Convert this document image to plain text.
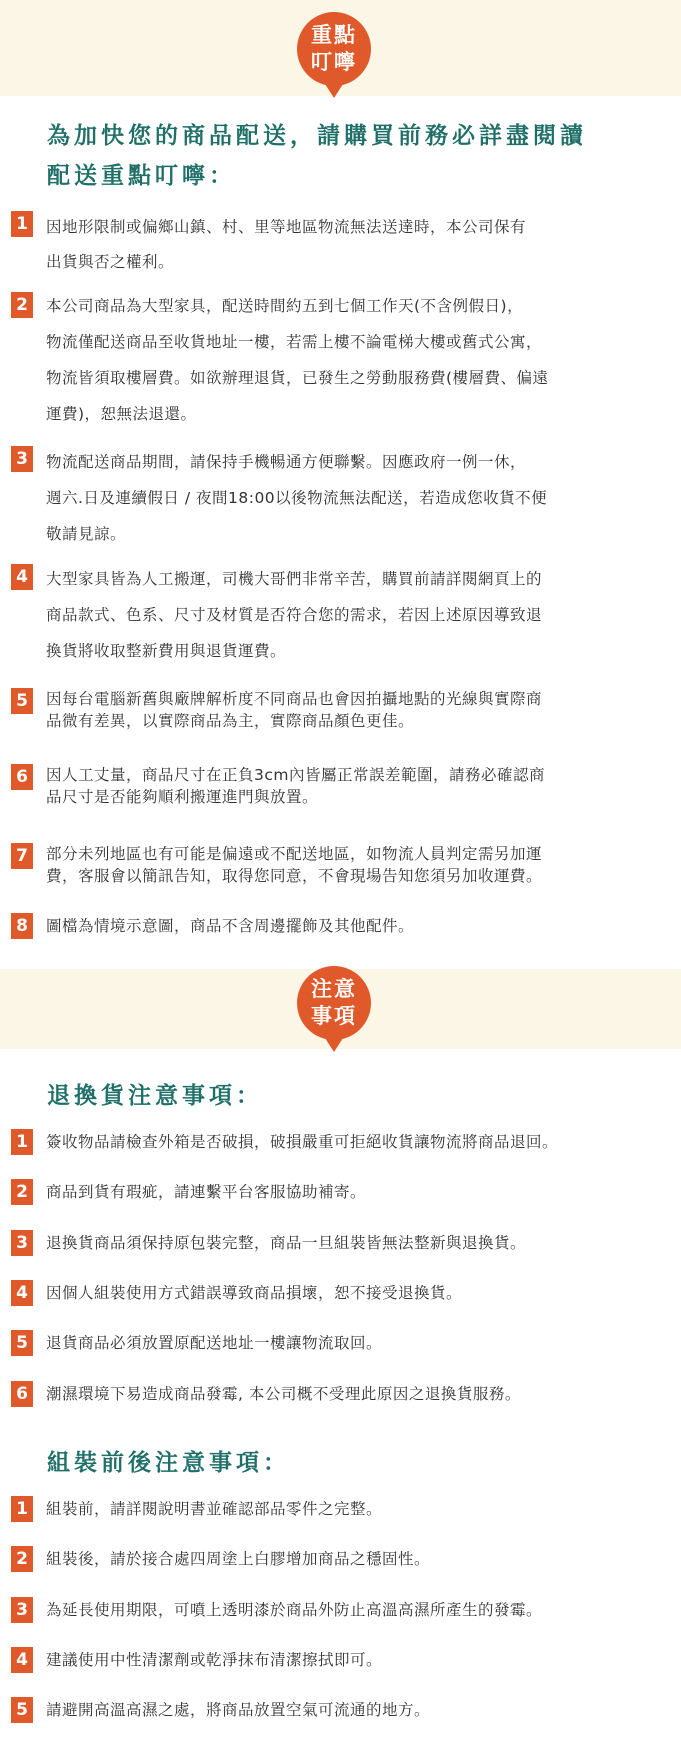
重點
叮嚀
為加快您的商品配送，請購買前務必詳盡閱讀
配送重點叮嚀：
1	因地形限制或偏鄉山鎮、村、里等地區物流無法送達時，本公司保有
出貨與否之權利。
2	本公司商品為大型家具，配送時間約五到七個工作天(不含例假日)，
物流僅配送商品至收貨地址一樓，若需上樓不論電梯大樓或舊式公寓，
物流皆須取樓層費。如欲辦理退貨，已發生之勞動服務費(樓層費、偏遠
運費)，恕無法退還。
3	物流配送商品期間，請保持手機暢通方便聯繫。因應政府一例一休，
週六.日及連續假日 / 夜間18:00以後物流無法配送，若造成您收貨不便
敬請見諒。
4	大型家具皆為人工搬運，司機大哥們非常辛苦，購買前請詳閱網頁上的
商品款式、色系、尺寸及材質是否符合您的需求，若因上述原因導致退
換貨將收取整新費用與退貨運費。
5	因每台電腦新舊與廠牌解析度不同商品也會因拍攝地點的光線與實際商
品微有差異，以實際商品為主，實際商品顏色更佳。
6	因人工丈量，商品尺寸在正負3cm內皆屬正常誤差範圍，請務必確認商
品尺寸是否能夠順利搬運進門與放置。
7	部分未列地區也有可能是偏遠或不配送地區，如物流人員判定需另加運
費，客服會以簡訊告知，取得您同意，不會現場告知您須另加收運費。
8	圖檔為情境示意圖，商品不含周邊擺飾及其他配件。
注意
事項
退換貨注意事項：
1	簽收物品請檢查外箱是否破損，破損嚴重可拒絕收貨讓物流將商品退回。
2	商品到貨有瑕疵，請連繫平台客服協助補寄。
3	退換貨商品須保持原包裝完整，商品一旦組裝皆無法整新與退換貨。
4	因個人組裝使用方式錯誤導致商品損壞，恕不接受退換貨。
5	退貨商品必須放置原配送地址一樓讓物流取回。
6	潮濕環境下易造成商品發霉, 本公司概不受理此原因之退換貨服務。
組裝前後注意事項：
1	組裝前，請詳閱說明書並確認部品零件之完整。
2	組裝後，請於接合處四周塗上白膠增加商品之穩固性。
3	為延長使用期限，可噴上透明漆於商品外防止高溫高濕所產生的發霉。
4	建議使用中性清潔劑或乾淨抹布清潔擦拭即可。
5	請避開高溫高濕之處，將商品放置空氣可流通的地方。
